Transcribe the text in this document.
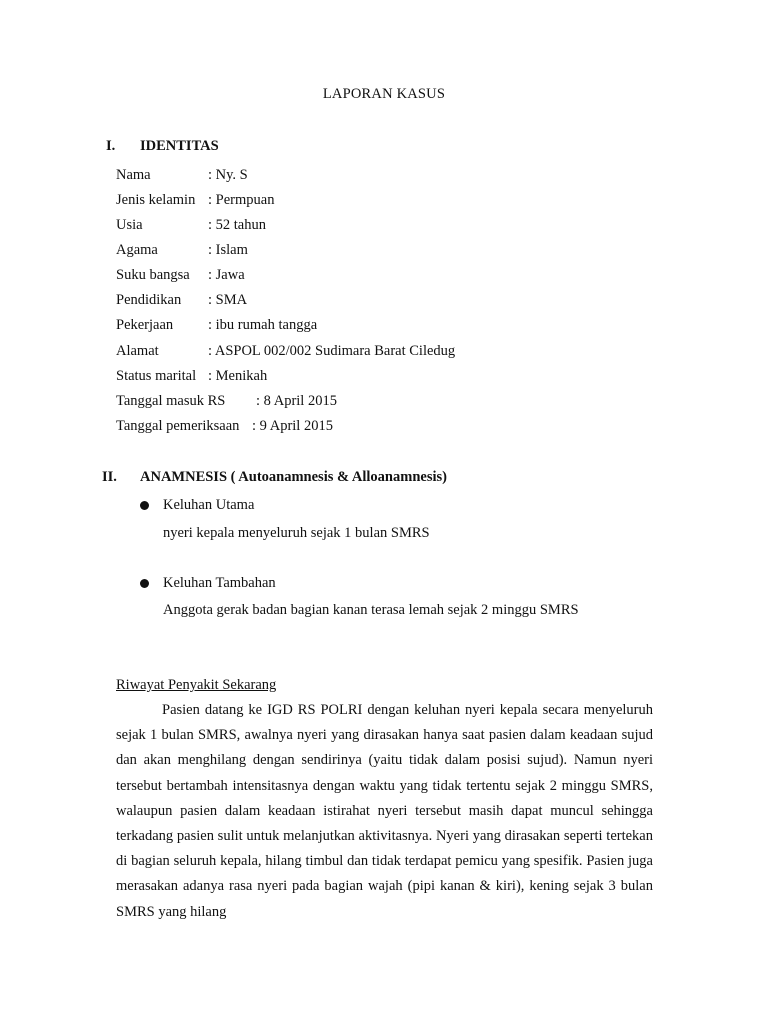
LAPORAN KASUS
I. IDENTITAS
Nama	: Ny. S
Jenis kelamin : Permpuan
Usia	: 52 tahun
Agama	: Islam
Suku bangsa : Jawa
Pendidikan : SMA
Pekerjaan : ibu rumah tangga
Alamat	: ASPOL 002/002 Sudimara Barat Ciledug
Status marital : Menikah
Tanggal masuk RS : 8 April 2015
Tanggal pemeriksaan : 9 April 2015
II. ANAMNESIS ( Autoanamnesis & Alloanamnesis)
Keluhan Utama
nyeri kepala menyeluruh sejak 1 bulan SMRS
Keluhan Tambahan
Anggota gerak badan bagian kanan terasa lemah sejak 2 minggu SMRS
Riwayat Penyakit Sekarang
Pasien datang ke IGD RS POLRI dengan keluhan nyeri kepala secara menyeluruh sejak 1 bulan SMRS, awalnya nyeri yang dirasakan hanya saat pasien dalam keadaan sujud dan akan menghilang dengan sendirinya (yaitu tidak dalam posisi sujud). Namun nyeri tersebut bertambah intensitasnya dengan waktu yang tidak tertentu sejak 2 minggu SMRS, walaupun pasien dalam keadaan istirahat nyeri tersebut masih dapat muncul sehingga terkadang pasien sulit untuk melanjutkan aktivitasnya. Nyeri yang dirasakan seperti tertekan di bagian seluruh kepala, hilang timbul dan tidak terdapat pemicu yang spesifik. Pasien juga merasakan adanya rasa nyeri pada bagian wajah (pipi kanan & kiri), kening sejak 3 bulan SMRS yang hilang
